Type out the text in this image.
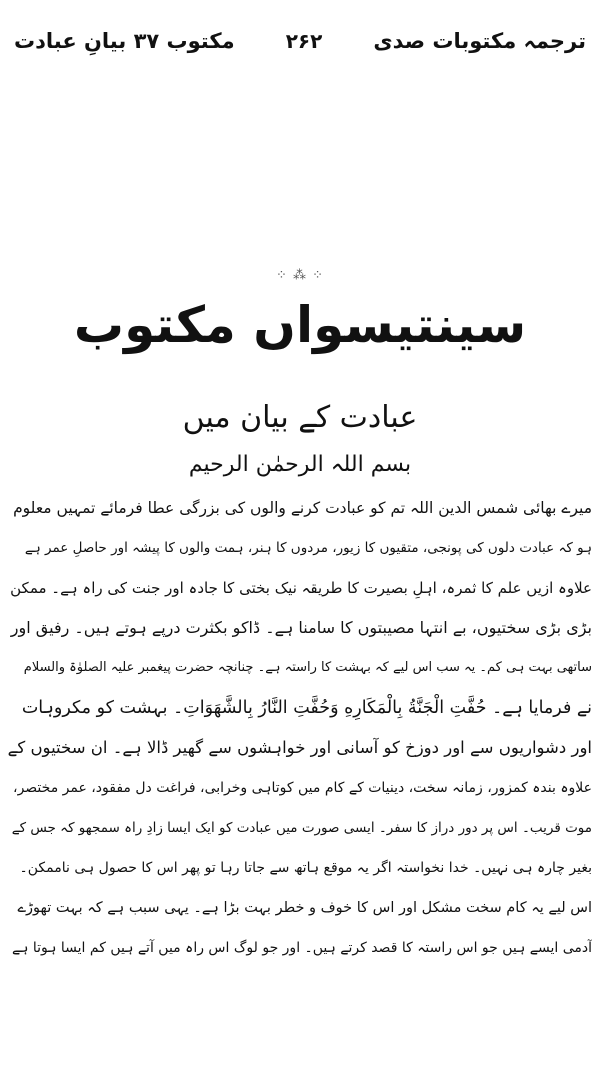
مکتوب ۳۷ بیانِ عبادت	۲۶۲ ترجمہ مکتوبات صدی
⁘ ⁂ ⁘
سینتیسواں مکتوب
عبادت کے بیان میں
بسم اللہ الرحمٰن الرحیم
میرے بھائی شمس الدین اللہ تم کو عبادت کرنے والوں کی بزرگی عطا فرمائے تمہیں معلوم
ہو کہ عبادت دلوں کی پونجی، متقیوں کا زیور، مردوں کا ہنر، ہمت والوں کا پیشہ اور حاصلِ عمر ہے
علاوہ ازیں علم کا ثمرہ، اہلِ بصیرت کا طریقہ نیک بختی کا جادہ اور جنت کی راہ ہے۔ ممکن
بڑی بڑی سختیوں، بے انتہا مصیبتوں کا سامنا ہے۔ ڈاکو بکثرت درپے ہوتے ہیں۔ رفیق اور
ساتھی بہت ہی کم۔ یہ سب اس لیے کہ بہشت کا راستہ ہے۔ چنانچہ حضرت پیغمبر علیہ الصلوٰۃ والسلام
نے فرمایا ہے۔ حُفَّتِ الْجَنَّةُ بِالْمَكَارِهِ وَحُفَّتِ النَّارُ بِالشَّهَوَاتِ۔ بہشت کو مکروہات
اور دشواریوں سے اور دوزخ کو آسانی اور خواہشوں سے گھیر ڈالا ہے۔ ان سختیوں کے
علاوہ بندہ کمزور، زمانہ سخت، دینیات کے کام میں کوتاہی وخرابی، فراغت دل مفقود، عمر مختصر،
موت قریب۔ اس پر دور دراز کا سفر۔ ایسی صورت میں عبادت کو ایک ایسا زادِ راہ سمجھو کہ جس کے
بغیر چارہ ہی نہیں۔ خدا نخواستہ اگر یہ موقع ہاتھ سے جاتا رہا تو پھر اس کا حصول ہی ناممکن۔
اس لیے یہ کام سخت مشکل اور اس کا خوف و خطر بہت بڑا ہے۔ یہی سبب ہے کہ بہت تھوڑے
آدمی ایسے ہیں جو اس راستہ کا قصد کرتے ہیں۔ اور جو لوگ اس راہ میں آتے ہیں کم ایسا ہوتا ہے
